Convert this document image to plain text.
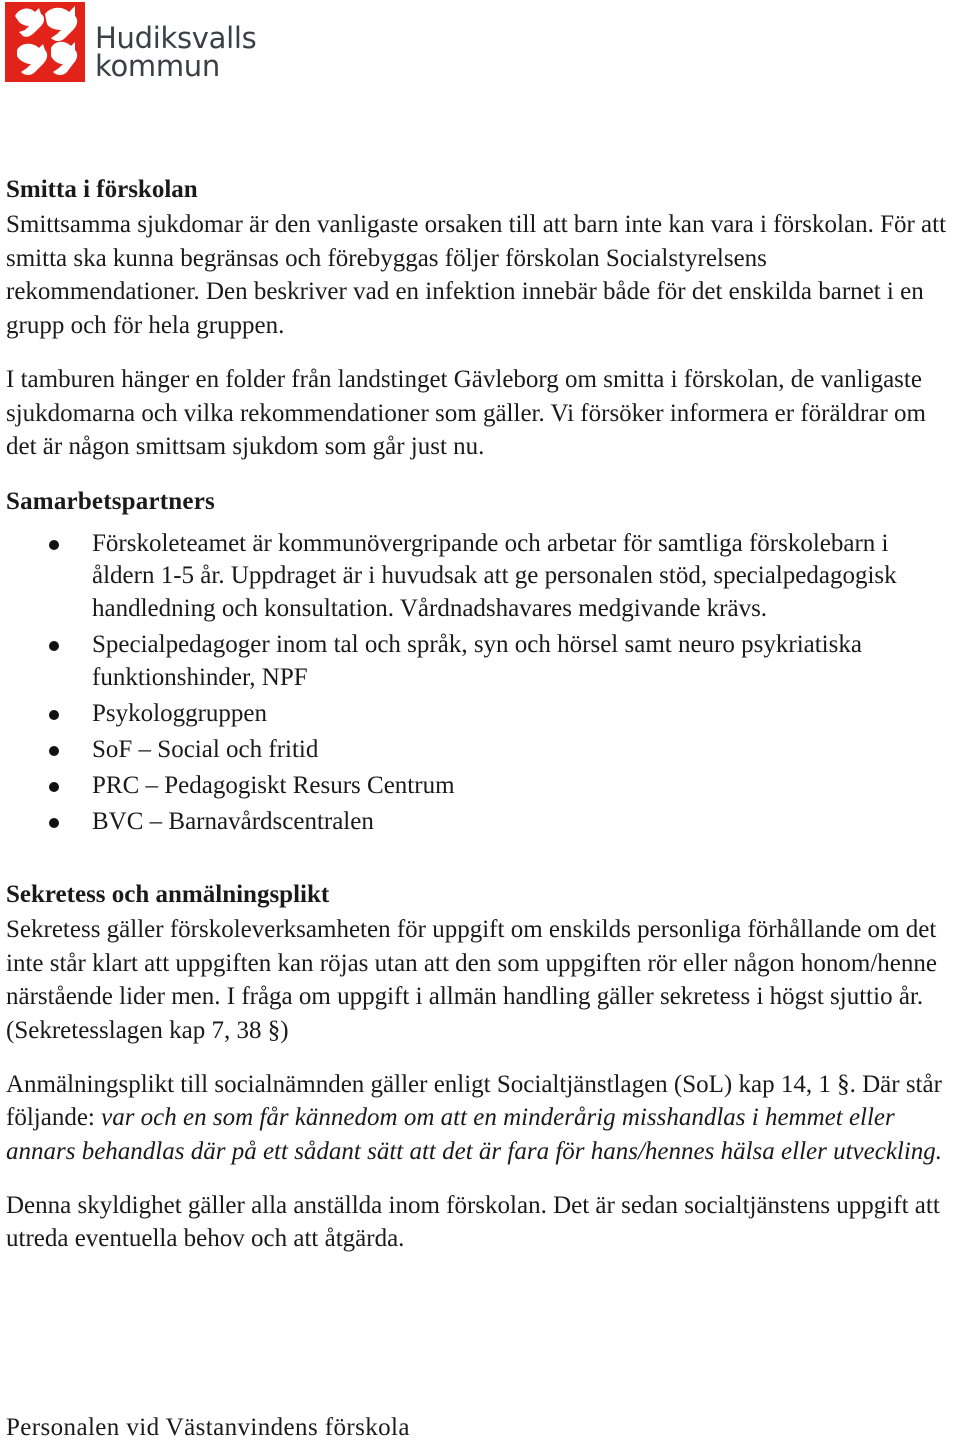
Hudiksvalls
kommun
Smitta i förskolan

Smittsamma sjukdomar är den vanligaste orsaken till att barn inte kan vara i förskolan. För att smitta ska kunna begränsas och förebyggas följer förskolan Socialstyrelsens rekommendationer. Den beskriver vad en infektion innebär både för det enskilda barnet i en grupp och för hela gruppen.

I tamburen hänger en folder från landstinget Gävleborg om smitta i förskolan, de vanligaste sjukdomarna och vilka rekommendationer som gäller. Vi försöker informera er föräldrar om det är någon smittsam sjukdom som går just nu.

Samarbetspartners
Förskoleteamet är kommunövergripande och arbetar för samtliga förskolebarn i åldern 1-5 år. Uppdraget är i huvudsak att ge personalen stöd, specialpedagogisk handledning och konsultation. Vårdnadshavares medgivande krävs.
Specialpedagoger inom tal och språk, syn och hörsel samt neuro psykriatiska funktionshinder, NPF
Psykologgruppen
SoF – Social och fritid
PRC – Pedagogiskt Resurs Centrum
BVC – Barnavårdscentralen
Sekretess och anmälningsplikt

Sekretess gäller förskoleverksamheten för uppgift om enskilds personliga förhållande om det inte står klart att uppgiften kan röjas utan att den som uppgiften rör eller någon honom/henne närstående lider men. I fråga om uppgift i allmän handling gäller sekretess i högst sjuttio år. (Sekretesslagen kap 7, 38 §)

Anmälningsplikt till socialnämnden gäller enligt Socialtjänstlagen (SoL) kap 14, 1 §. Där står följande: var och en som får kännedom om att en minderårig misshandlas i hemmet eller annars behandlas där på ett sådant sätt att det är fara för hans/hennes hälsa eller utveckling.

Denna skyldighet gäller alla anställda inom förskolan. Det är sedan socialtjänstens uppgift att utreda eventuella behov och att åtgärda.

Personalen vid Västanvindens förskola
